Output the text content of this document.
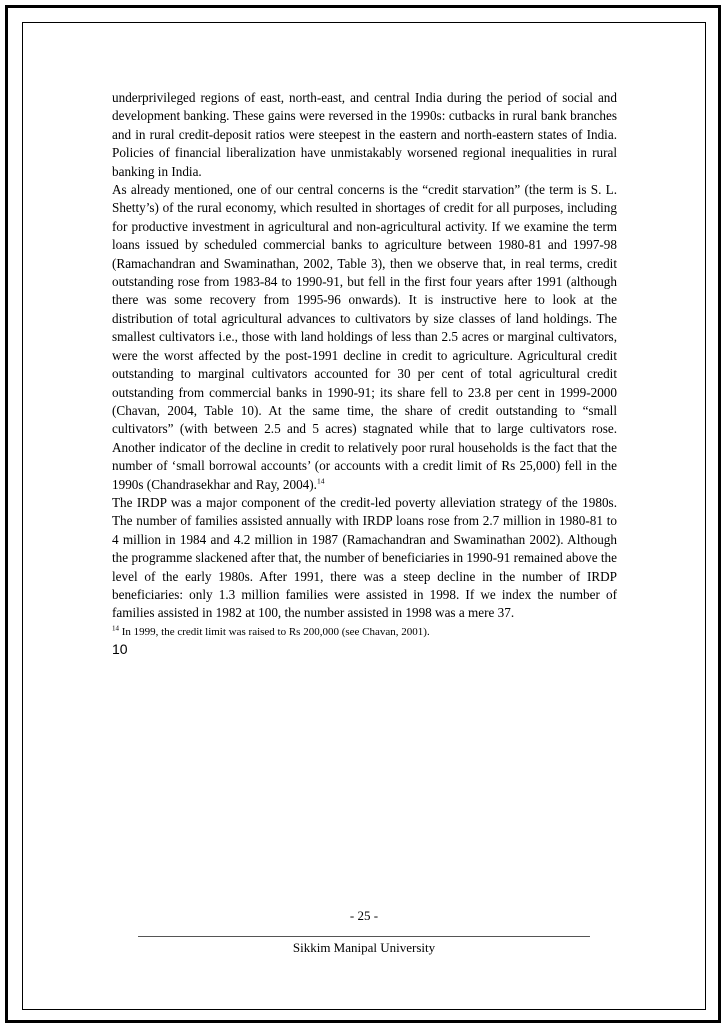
underprivileged regions of east, north-east, and central India during the period of social and development banking. These gains were reversed in the 1990s: cutbacks in rural bank branches and in rural credit-deposit ratios were steepest in the eastern and north-eastern states of India. Policies of financial liberalization have unmistakably worsened regional inequalities in rural banking in India.

As already mentioned, one of our central concerns is the “credit starvation” (the term is S. L. Shetty’s) of the rural economy, which resulted in shortages of credit for all purposes, including for productive investment in agricultural and non-agricultural activity. If we examine the term loans issued by scheduled commercial banks to agriculture between 1980-81 and 1997-98 (Ramachandran and Swaminathan, 2002, Table 3), then we observe that, in real terms, credit outstanding rose from 1983-84 to 1990-91, but fell in the first four years after 1991 (although there was some recovery from 1995-96 onwards). It is instructive here to look at the distribution of total agricultural advances to cultivators by size classes of land holdings. The smallest cultivators i.e., those with land holdings of less than 2.5 acres or marginal cultivators, were the worst affected by the post-1991 decline in credit to agriculture. Agricultural credit outstanding to marginal cultivators accounted for 30 per cent of total agricultural credit outstanding from commercial banks in 1990-91; its share fell to 23.8 per cent in 1999-2000 (Chavan, 2004, Table 10). At the same time, the share of credit outstanding to “small cultivators” (with between 2.5 and 5 acres) stagnated while that to large cultivators rose. Another indicator of the decline in credit to relatively poor rural households is the fact that the number of ‘small borrowal accounts’ (or accounts with a credit limit of Rs 25,000) fell in the 1990s (Chandrasekhar and Ray, 2004).$^{14}$

The IRDP was a major component of the credit-led poverty alleviation strategy of the 1980s. The number of families assisted annually with IRDP loans rose from 2.7 million in 1980-81 to 4 million in 1984 and 4.2 million in 1987 (Ramachandran and Swaminathan 2002). Although the programme slackened after that, the number of beneficiaries in 1990-91 remained above the level of the early 1980s. After 1991, there was a steep decline in the number of IRDP beneficiaries: only 1.3 million families were assisted in 1998. If we index the number of families assisted in 1982 at 100, the number assisted in 1998 was a mere 37.

$^{14}$ In 1999, the credit limit was raised to Rs 200,000 (see Chavan, 2001).

10

- 25 -
Sikkim Manipal University
